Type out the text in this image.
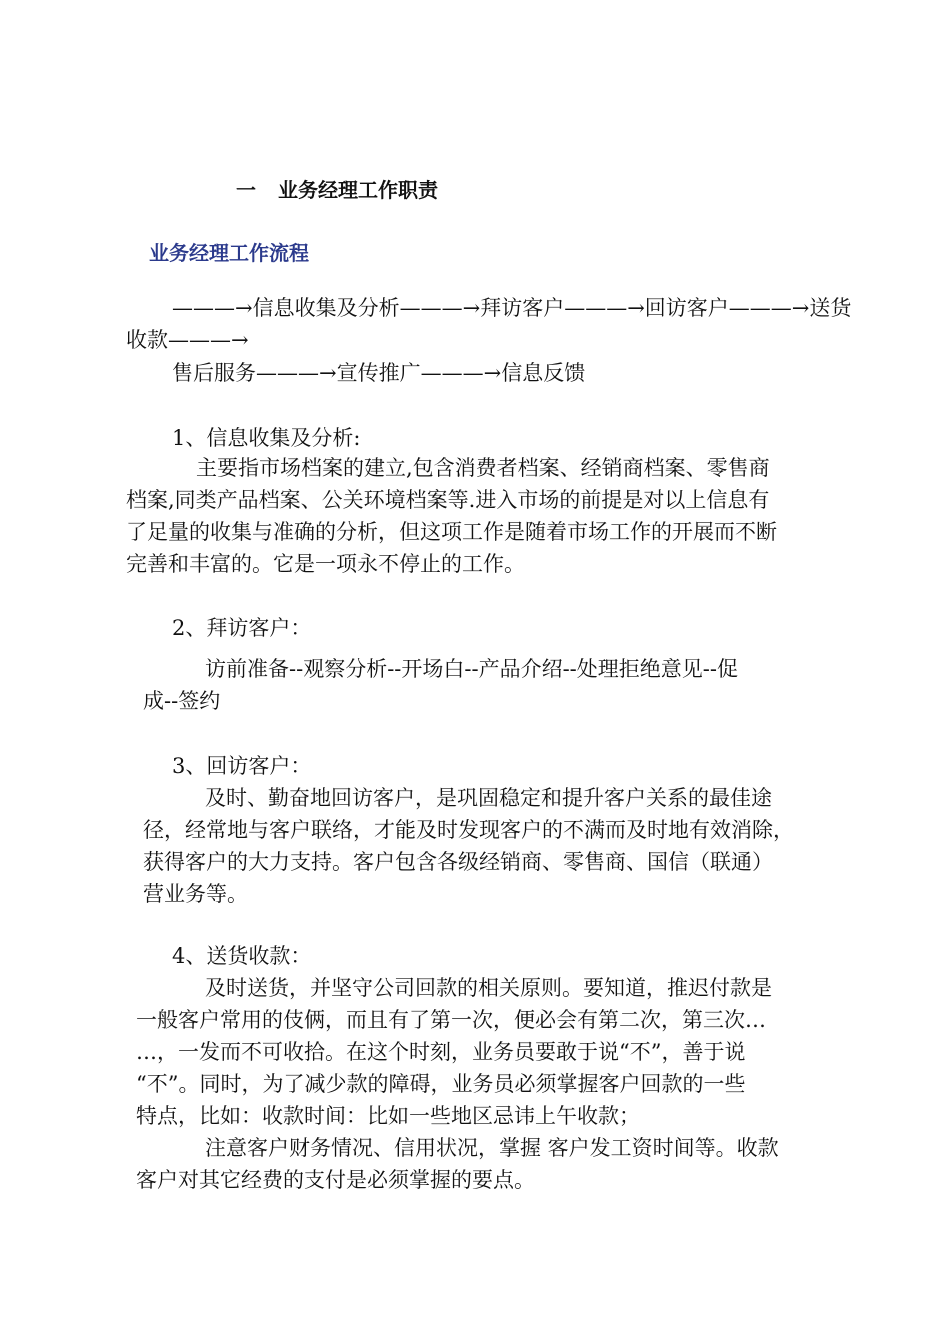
一 业务经理工作职责
业务经理工作流程
———→信息收集及分析———→拜访客户———→回访客户———→送货
收款———→
售后服务———→宣传推广———→信息反馈
1、信息收集及分析:
主要指市场档案的建立,包含消费者档案、经销商档案、零售商
档案,同类产品档案、公关环境档案等.进入市场的前提是对以上信息有
了足量的收集与准确的分析，但这项工作是随着市场工作的开展而不断
完善和丰富的。它是一项永不停止的工作。
2、拜访客户：
访前准备--观察分析--开场白--产品介绍--处理拒绝意见--促
成--签约
3、回访客户：
及时、勤奋地回访客户，是巩固稳定和提升客户关系的最佳途
径，经常地与客户联络，才能及时发现客户的不满而及时地有效消除，
获得客户的大力支持。客户包含各级经销商、零售商、国信（联通）
营业务等。
4、送货收款：
及时送货，并坚守公司回款的相关原则。要知道，推迟付款是
一般客户常用的伎俩，而且有了第一次，便必会有第二次，第三次…
…，一发而不可收拾。在这个时刻，业务员要敢于说“不”，善于说
“不”。同时，为了减少款的障碍，业务员必须掌握客户回款的一些
特点，比如：收款时间：比如一些地区忌讳上午收款；
注意客户财务情况、信用状况，掌握 客户发工资时间等。收款
客户对其它经费的支付是必须掌握的要点。
